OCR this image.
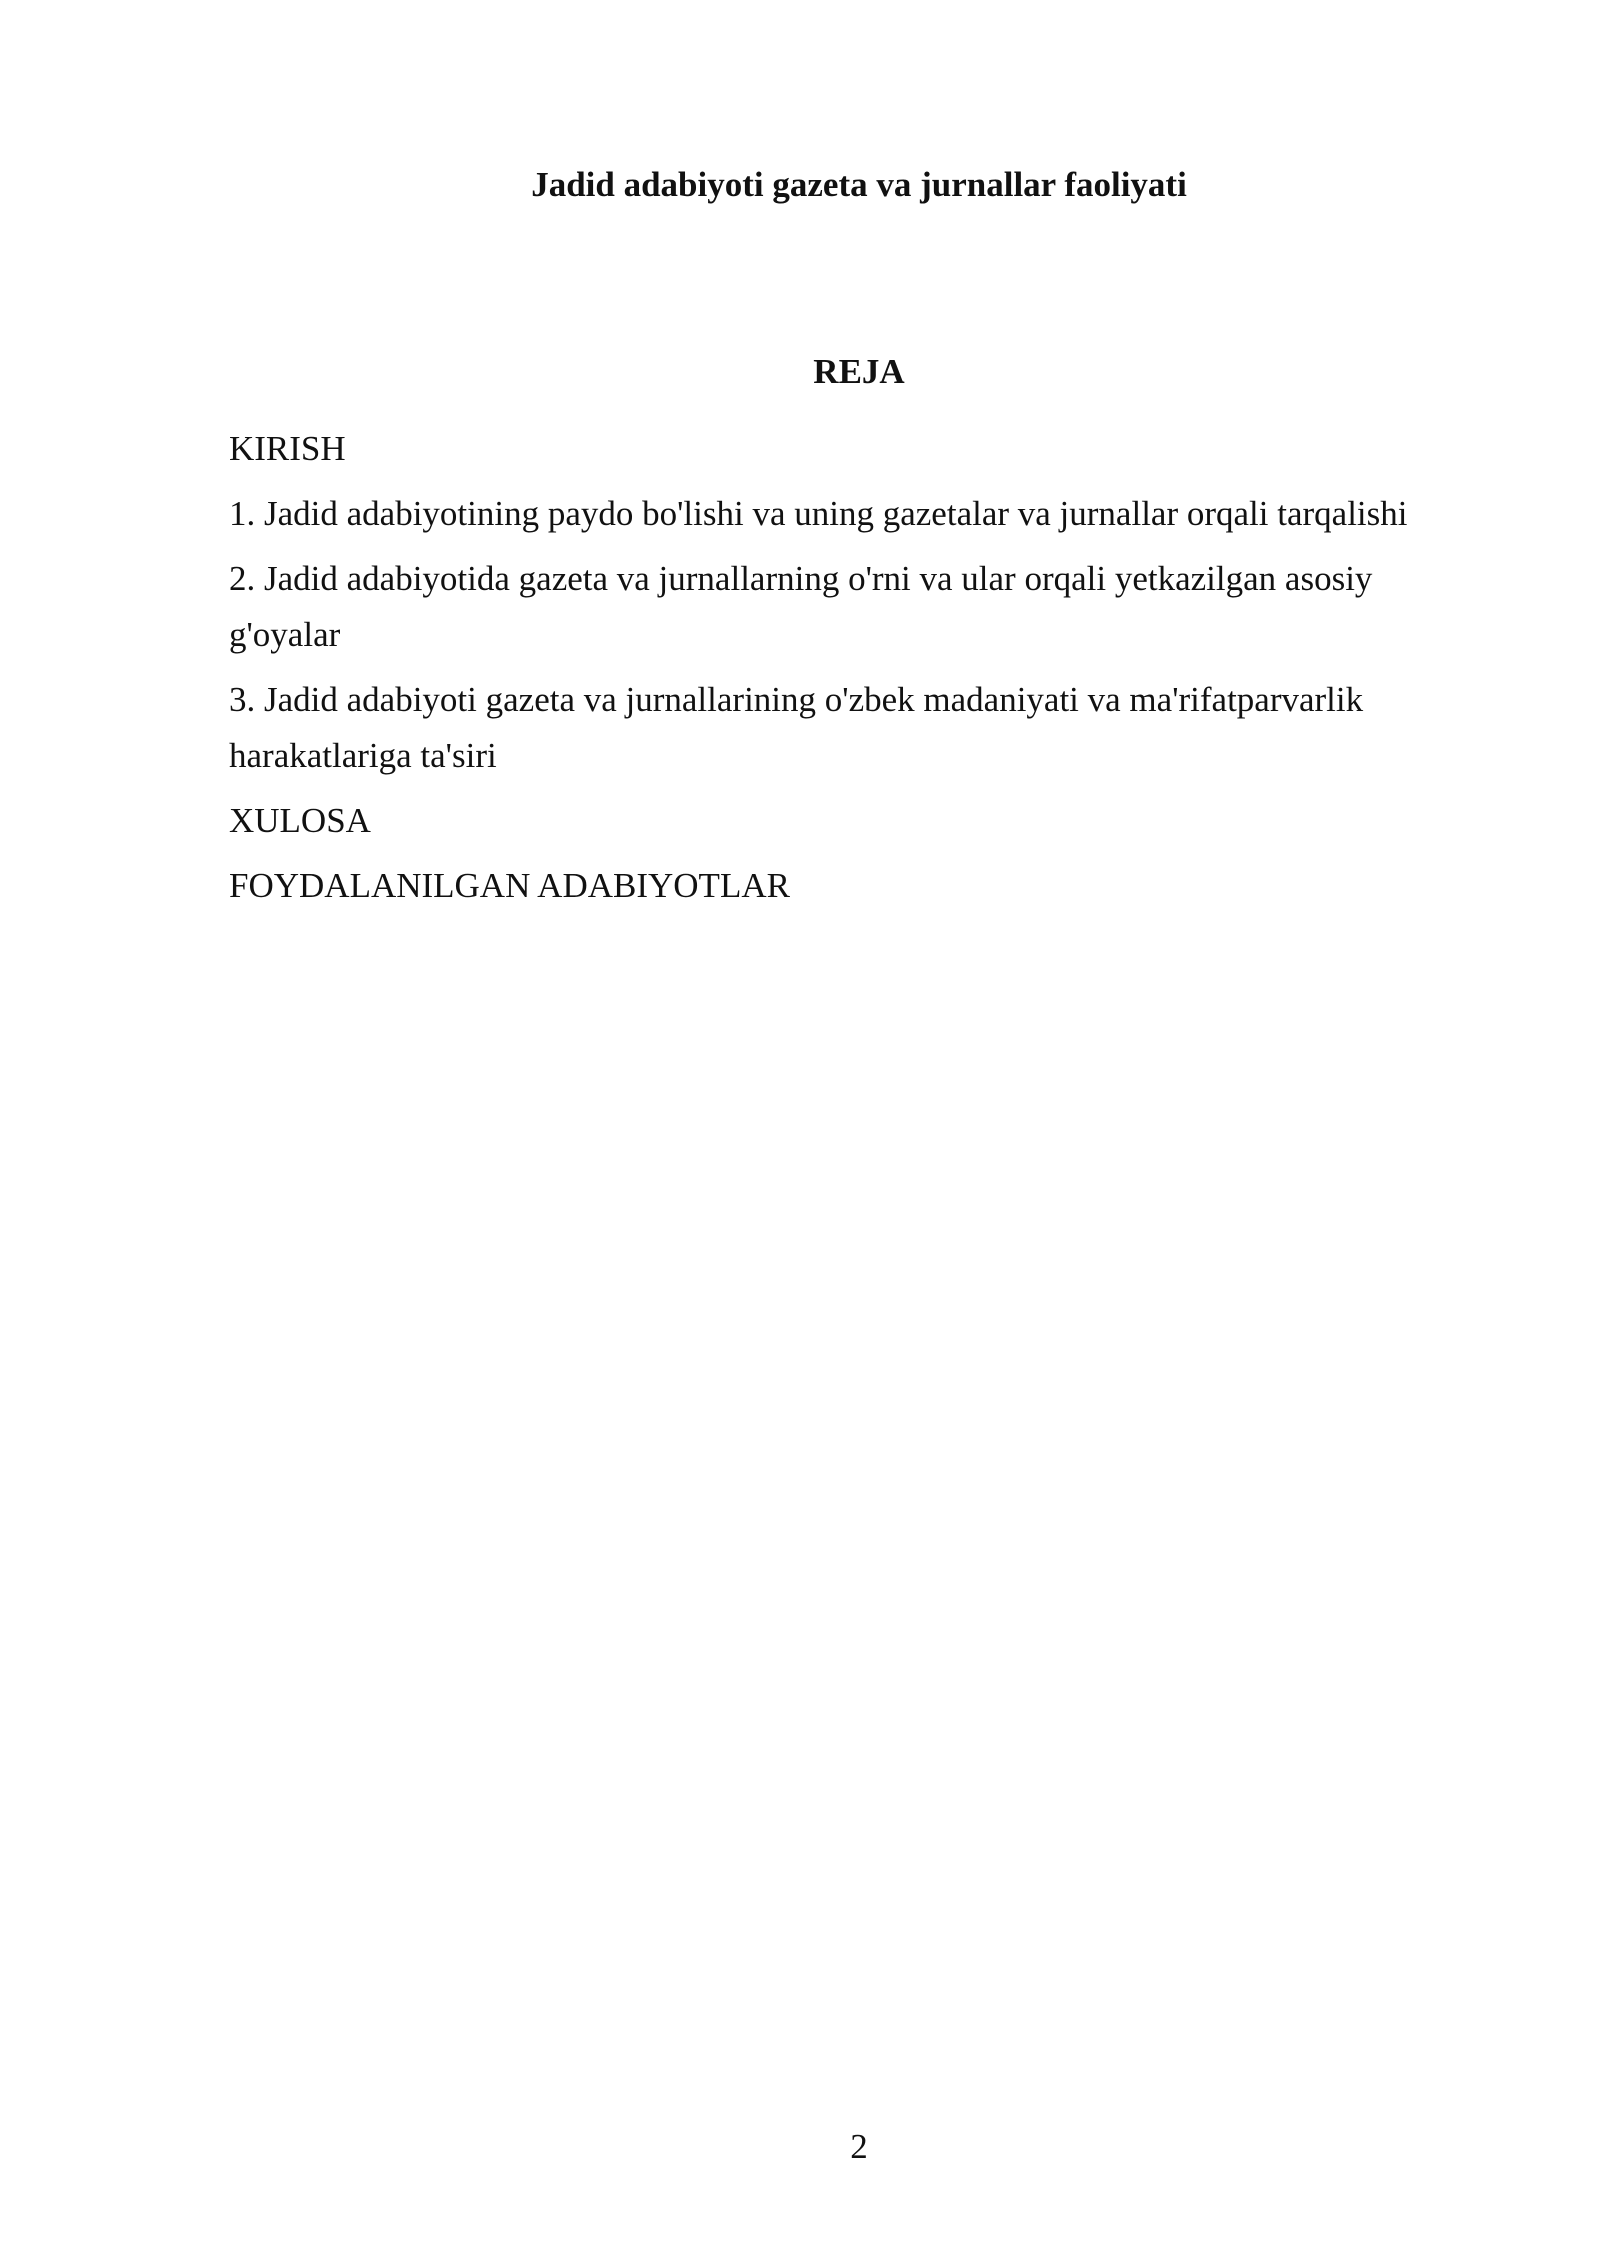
Jadid adabiyoti gazeta va jurnallar faoliyati
REJA
KIRISH
1. Jadid adabiyotining paydo bo'lishi va uning gazetalar va jurnallar orqali tarqalishi
2. Jadid adabiyotida gazeta va jurnallarning o'rni va ular orqali yetkazilgan asosiy g'oyalar
3. Jadid adabiyoti gazeta va jurnallarining o'zbek madaniyati va ma'rifatparvarlik harakatlariga ta'siri
XULOSA
FOYDALANILGAN ADABIYOTLAR
2
